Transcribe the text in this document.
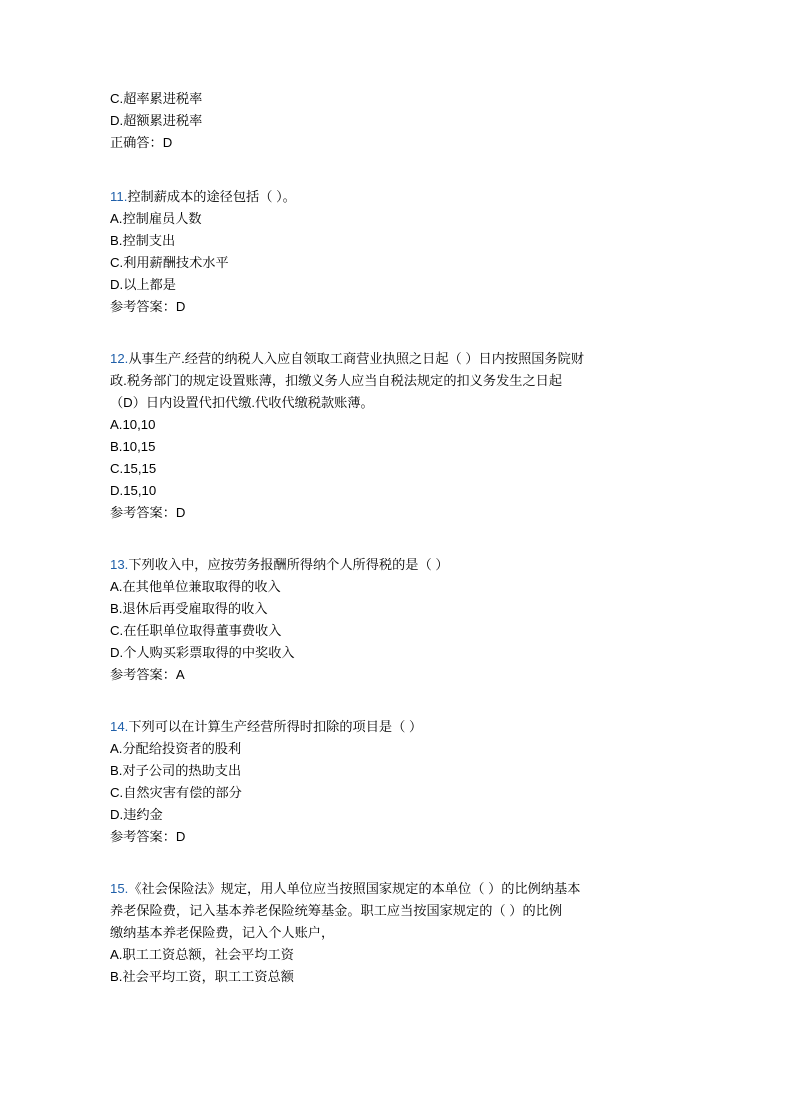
C.超率累进税率

D.超额累进税率

正确答：D

11.控制薪成本的途径包括（ ）。

A.控制雇员人数

B.控制支出

C.利用薪酬技术水平

D.以上都是

参考答案：D

12.从事生产.经营的纳税人入应自领取工商营业执照之日起（ ）日内按照国务院财

政.税务部门的规定设置账薄，扣缴义务人应当自税法规定的扣义务发生之日起

（D）日内设置代扣代缴.代收代缴税款账薄。

A.10,10

B.10,15

C.15,15

D.15,10

参考答案：D

13.下列收入中，应按劳务报酬所得纳个人所得税的是（ ）

A.在其他单位兼取取得的收入

B.退休后再受雇取得的收入

C.在任职单位取得董事费收入

D.个人购买彩票取得的中奖收入

参考答案：A

14.下列可以在计算生产经营所得时扣除的项目是（ ）

A.分配给投资者的股利

B.对子公司的热助支出

C.自然灾害有偿的部分

D.违约金

参考答案：D

15.《社会保险法》规定，用人单位应当按照国家规定的本单位（ ）的比例纳基本

养老保险费，记入基本养老保险统筹基金。职工应当按国家规定的（ ）的比例

缴纳基本养老保险费，记入个人账户，

A.职工工资总额，社会平均工资

B.社会平均工资，职工工资总额
